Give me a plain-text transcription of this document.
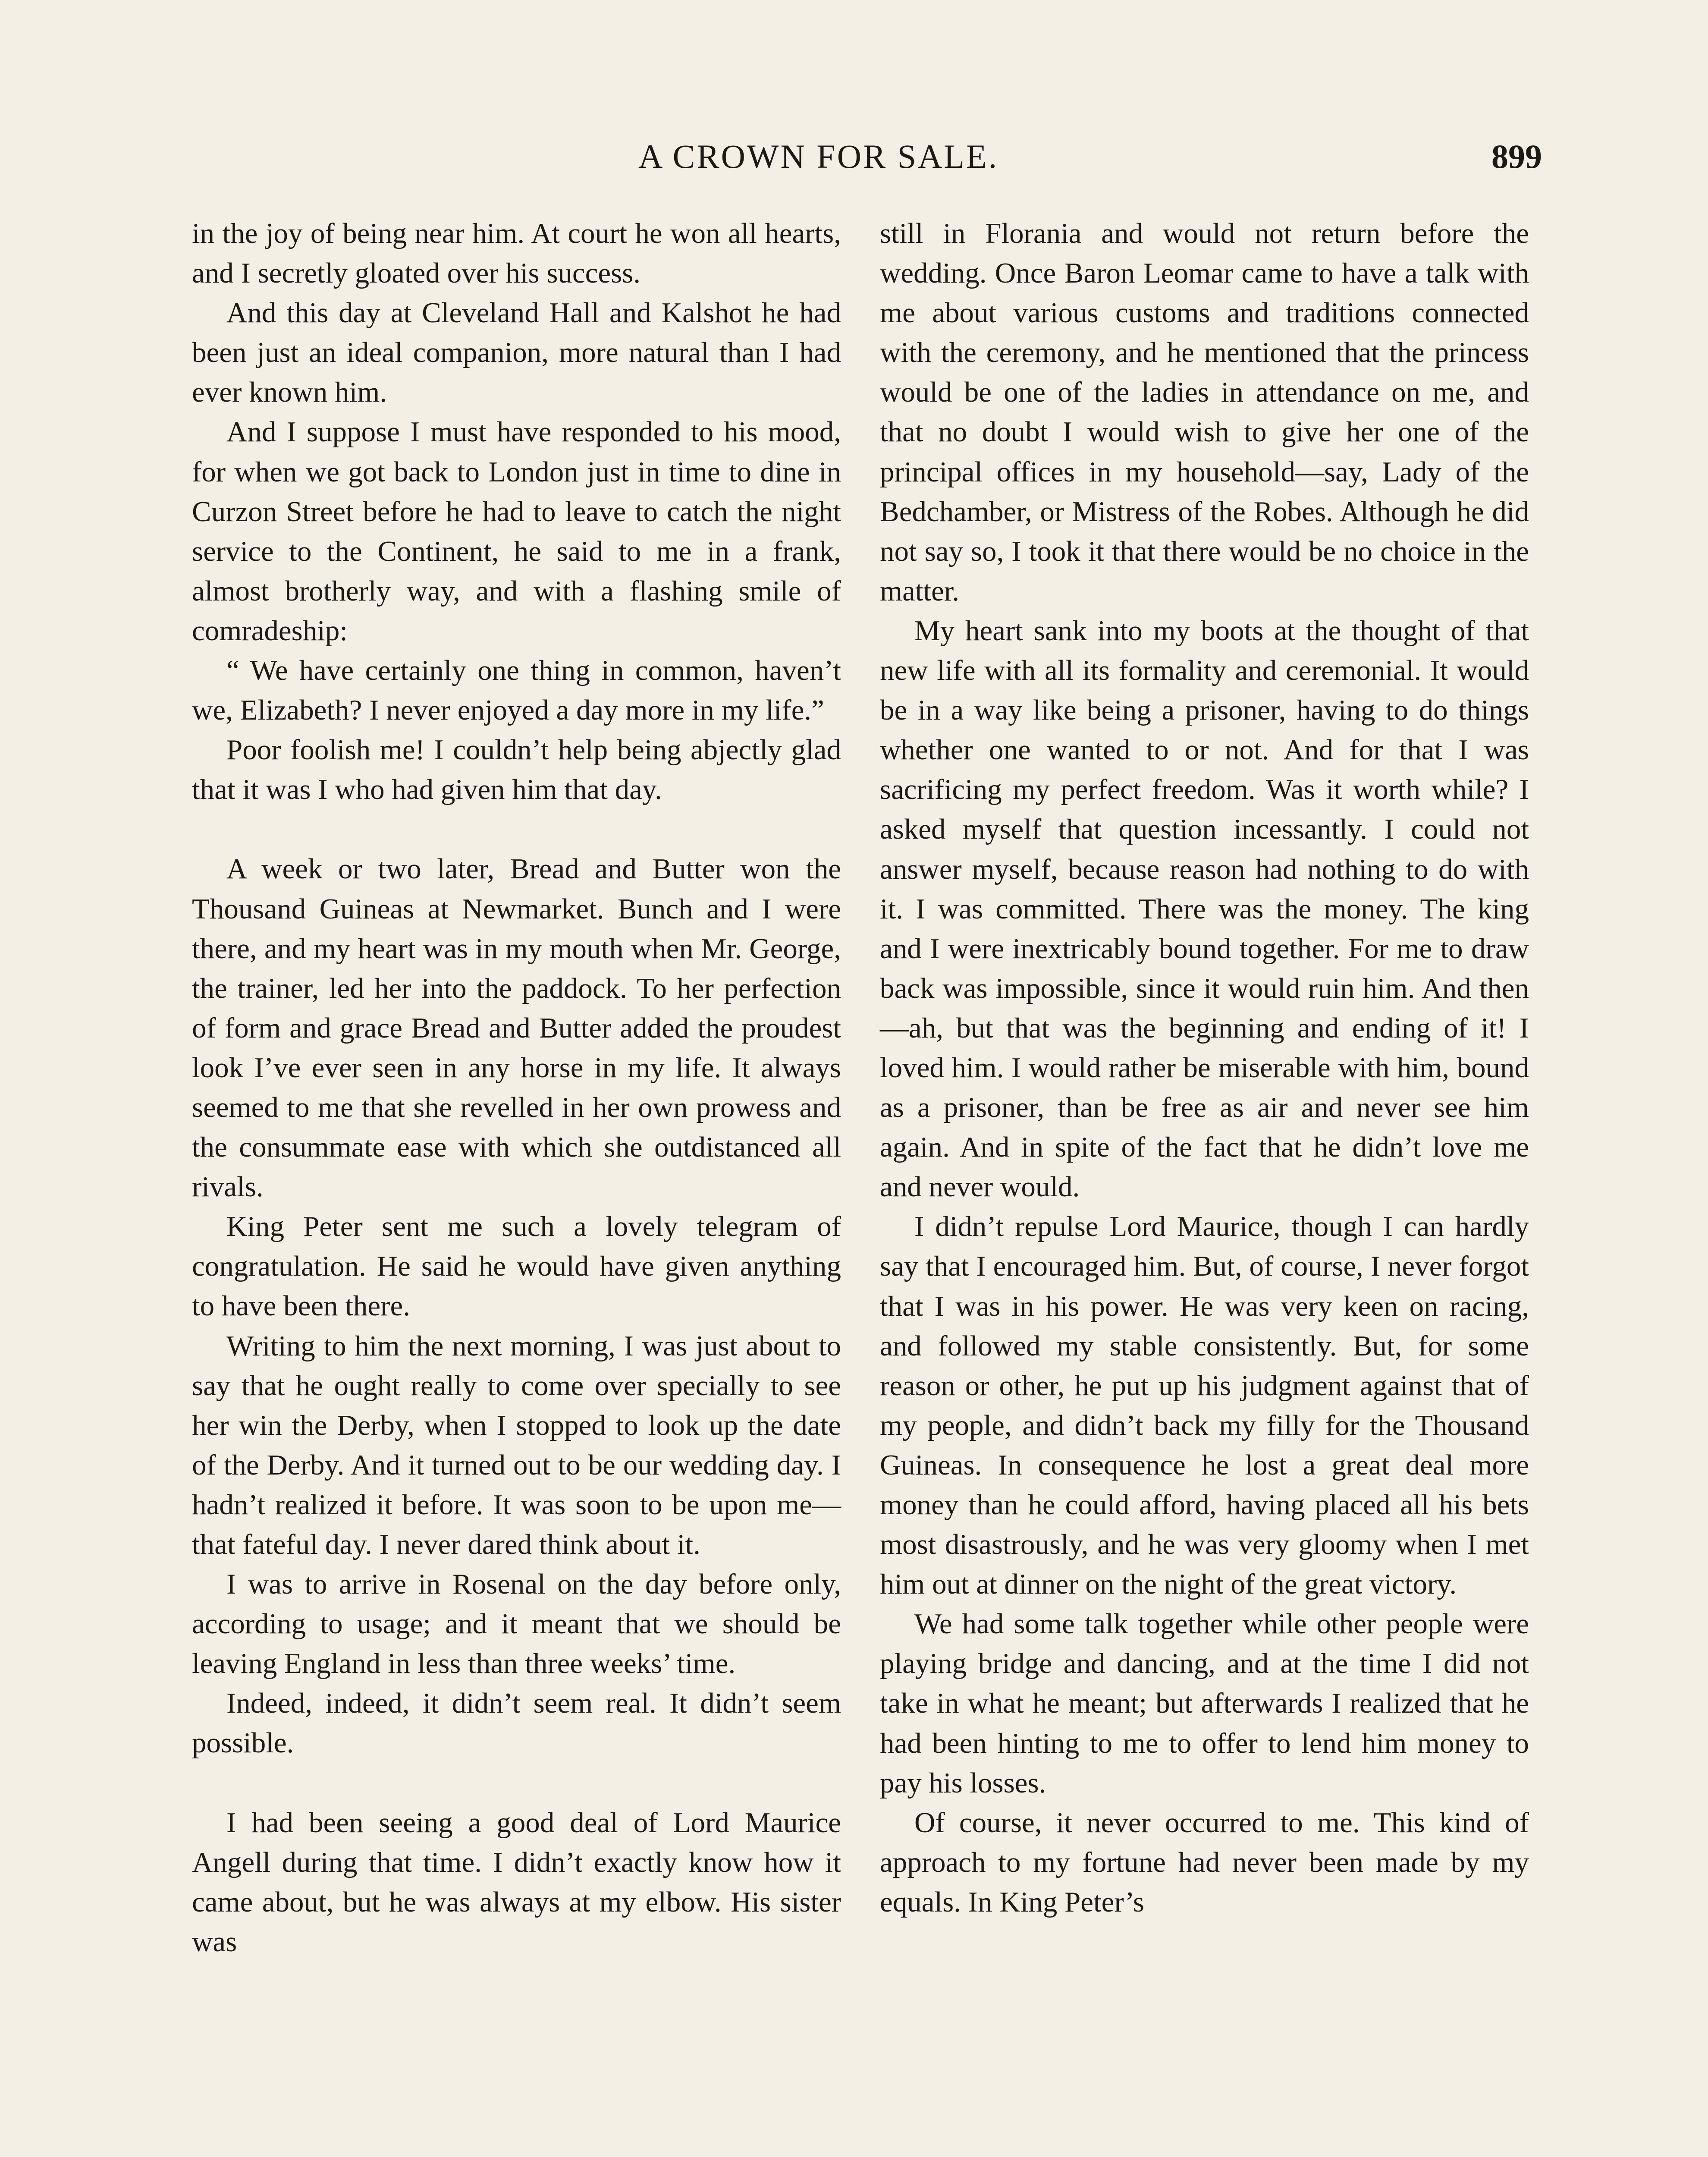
A CROWN FOR SALE.	899

in the joy of being near him. At court he won all hearts, and I secretly gloated over his success.

And this day at Cleveland Hall and Kalshot he had been just an ideal companion, more natural than I had ever known him.

And I suppose I must have responded to his mood, for when we got back to London just in time to dine in Curzon Street before he had to leave to catch the night service to the Continent, he said to me in a frank, almost brotherly way, and with a flashing smile of comradeship:

“ We have certainly one thing in common, haven’t we, Elizabeth? I never enjoyed a day more in my life.”

Poor foolish me! I couldn’t help being abjectly glad that it was I who had given him that day.

A week or two later, Bread and Butter won the Thousand Guineas at Newmarket. Bunch and I were there, and my heart was in my mouth when Mr. George, the trainer, led her into the paddock. To her perfection of form and grace Bread and Butter added the proudest look I’ve ever seen in any horse in my life. It always seemed to me that she revelled in her own prowess and the consummate ease with which she outdistanced all rivals.

King Peter sent me such a lovely telegram of congratulation. He said he would have given anything to have been there.

Writing to him the next morning, I was just about to say that he ought really to come over specially to see her win the Derby, when I stopped to look up the date of the Derby. And it turned out to be our wedding day. I hadn’t realized it before. It was soon to be upon me—that fateful day. I never dared think about it.

I was to arrive in Rosenal on the day before only, according to usage; and it meant that we should be leaving England in less than three weeks’ time.

Indeed, indeed, it didn’t seem real. It didn’t seem possible.

I had been seeing a good deal of Lord Maurice Angell during that time. I didn’t exactly know how it came about, but he was always at my elbow. His sister was

still in Florania and would not return before the wedding. Once Baron Leomar came to have a talk with me about various customs and traditions connected with the ceremony, and he mentioned that the princess would be one of the ladies in attendance on me, and that no doubt I would wish to give her one of the principal offices in my household—say, Lady of the Bedchamber, or Mistress of the Robes. Although he did not say so, I took it that there would be no choice in the matter.

My heart sank into my boots at the thought of that new life with all its formality and ceremonial. It would be in a way like being a prisoner, having to do things whether one wanted to or not. And for that I was sacrificing my perfect freedom. Was it worth while? I asked myself that question incessantly. I could not answer myself, because reason had nothing to do with it. I was committed. There was the money. The king and I were inextricably bound together. For me to draw back was impossible, since it would ruin him. And then—ah, but that was the beginning and ending of it! I loved him. I would rather be miserable with him, bound as a prisoner, than be free as air and never see him again. And in spite of the fact that he didn’t love me and never would.

I didn’t repulse Lord Maurice, though I can hardly say that I encouraged him. But, of course, I never forgot that I was in his power. He was very keen on racing, and followed my stable consistently. But, for some reason or other, he put up his judgment against that of my people, and didn’t back my filly for the Thousand Guineas. In consequence he lost a great deal more money than he could afford, having placed all his bets most disastrously, and he was very gloomy when I met him out at dinner on the night of the great victory.

We had some talk together while other people were playing bridge and dancing, and at the time I did not take in what he meant; but afterwards I realized that he had been hinting to me to offer to lend him money to pay his losses.

Of course, it never occurred to me. This kind of approach to my fortune had never been made by my equals. In King Peter’s
